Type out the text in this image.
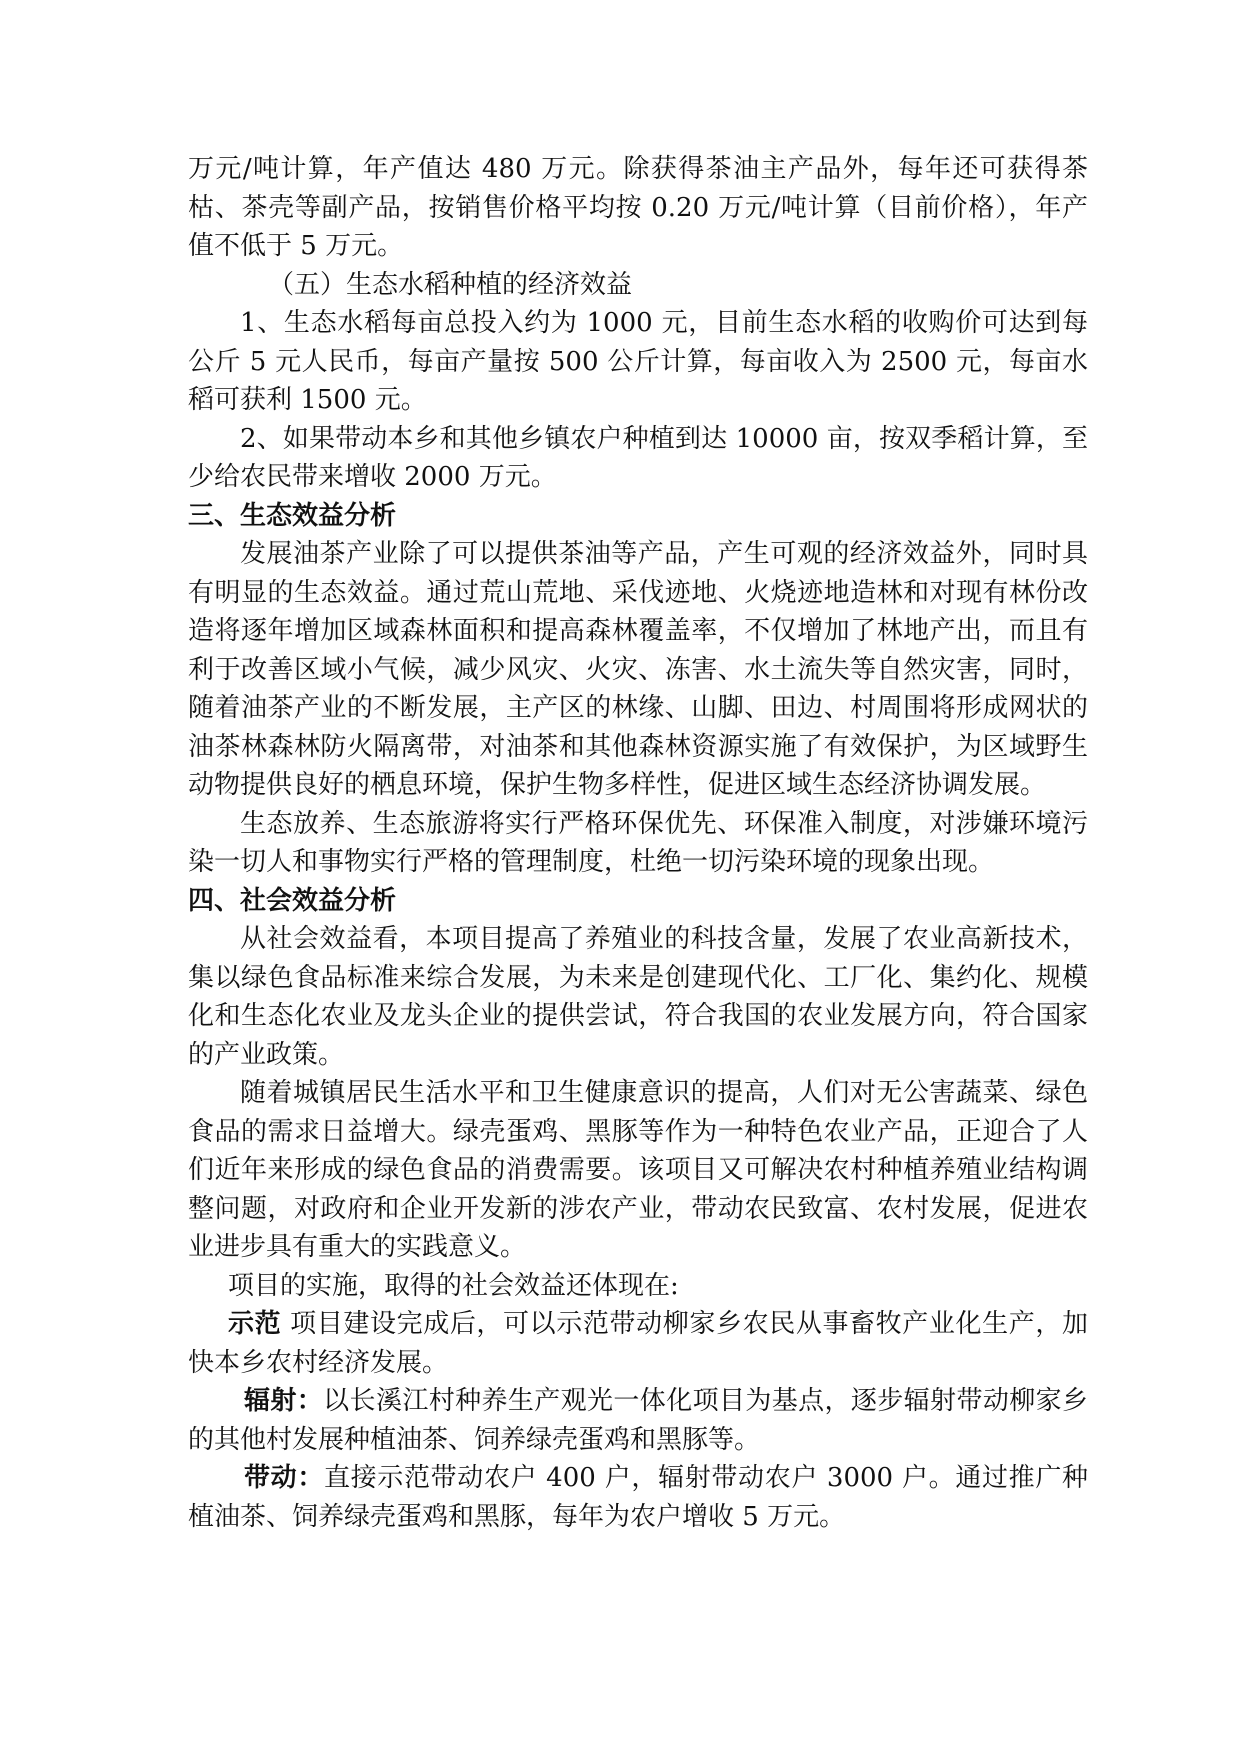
万元/吨计算，年产值达 480 万元。除获得茶油主产品外，每年还可获得茶枯、茶壳等副产品，按销售价格平均按 0.20 万元/吨计算（目前价格），年产值不低于 5 万元。

（五）生态水稻种植的经济效益

1、生态水稻每亩总投入约为 1000 元，目前生态水稻的收购价可达到每公斤 5 元人民币，每亩产量按 500 公斤计算，每亩收入为 2500 元，每亩水稻可获利 1500 元。

2、如果带动本乡和其他乡镇农户种植到达 10000 亩，按双季稻计算，至少给农民带来增收 2000 万元。

三、生态效益分析

发展油茶产业除了可以提供茶油等产品，产生可观的经济效益外，同时具有明显的生态效益。通过荒山荒地、采伐迹地、火烧迹地造林和对现有林份改造将逐年增加区域森林面积和提高森林覆盖率，不仅增加了林地产出，而且有利于改善区域小气候，减少风灾、火灾、冻害、水土流失等自然灾害，同时，随着油茶产业的不断发展，主产区的林缘、山脚、田边、村周围将形成网状的油茶林森林防火隔离带，对油茶和其他森林资源实施了有效保护，为区域野生动物提供良好的栖息环境，保护生物多样性，促进区域生态经济协调发展。

生态放养、生态旅游将实行严格环保优先、环保准入制度，对涉嫌环境污染一切人和事物实行严格的管理制度，杜绝一切污染环境的现象出现。

四、社会效益分析

从社会效益看，本项目提高了养殖业的科技含量，发展了农业高新技术，集以绿色食品标准来综合发展，为未来是创建现代化、工厂化、集约化、规模化和生态化农业及龙头企业的提供尝试，符合我国的农业发展方向，符合国家的产业政策。

随着城镇居民生活水平和卫生健康意识的提高，人们对无公害蔬菜、绿色食品的需求日益增大。绿壳蛋鸡、黑豚等作为一种特色农业产品，正迎合了人们近年来形成的绿色食品的消费需要。该项目又可解决农村种植养殖业结构调整问题，对政府和企业开发新的涉农产业，带动农民致富、农村发展，促进农业进步具有重大的实践意义。

项目的实施，取得的社会效益还体现在:

示范 项目建设完成后，可以示范带动柳家乡农民从事畜牧产业化生产，加快本乡农村经济发展。

辐射：以长溪江村种养生产观光一体化项目为基点，逐步辐射带动柳家乡的其他村发展种植油茶、饲养绿壳蛋鸡和黑豚等。

带动：直接示范带动农户 400 户，辐射带动农户 3000 户。通过推广种植油茶、饲养绿壳蛋鸡和黑豚，每年为农户增收 5 万元。
